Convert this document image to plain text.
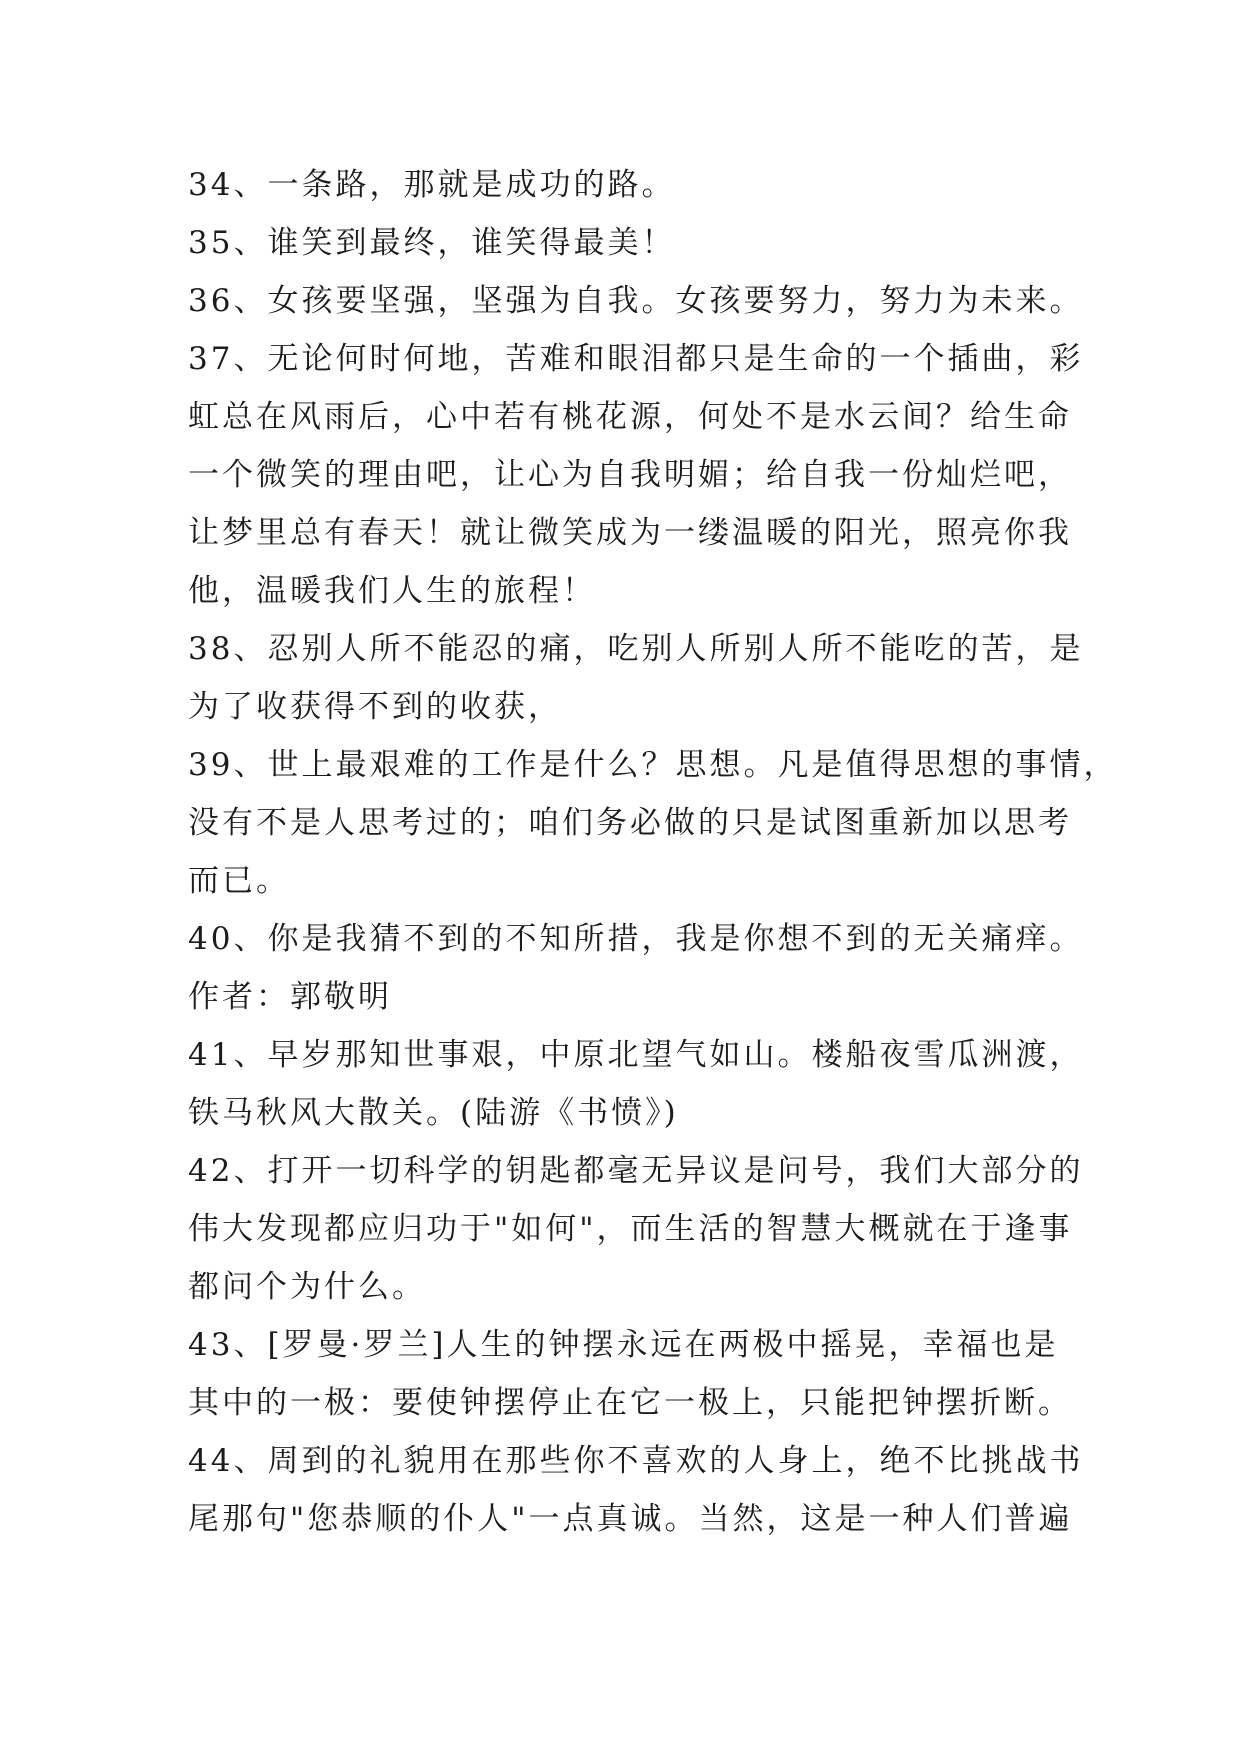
34、一条路，那就是成功的路。
35、谁笑到最终，谁笑得最美！
36、女孩要坚强，坚强为自我。女孩要努力，努力为未来。
37、无论何时何地，苦难和眼泪都只是生命的一个插曲，彩
虹总在风雨后，心中若有桃花源，何处不是水云间？给生命
一个微笑的理由吧，让心为自我明媚；给自我一份灿烂吧，
让梦里总有春天！就让微笑成为一缕温暖的阳光，照亮你我
他，温暖我们人生的旅程！
38、忍别人所不能忍的痛，吃别人所别人所不能吃的苦，是
为了收获得不到的收获，
39、世上最艰难的工作是什么？思想。凡是值得思想的事情，
没有不是人思考过的；咱们务必做的只是试图重新加以思考
而已。
40、你是我猜不到的不知所措，我是你想不到的无关痛痒。
作者：郭敬明
41、早岁那知世事艰，中原北望气如山。楼船夜雪瓜洲渡，
铁马秋风大散关。(陆游《书愤》)
42、打开一切科学的钥匙都毫无异议是问号，我们大部分的
伟大发现都应归功于"如何"，而生活的智慧大概就在于逢事
都问个为什么。
43、[罗曼·罗兰]人生的钟摆永远在两极中摇晃，幸福也是
其中的一极：要使钟摆停止在它一极上，只能把钟摆折断。
44、周到的礼貌用在那些你不喜欢的人身上，绝不比挑战书
尾那句"您恭顺的仆人"一点真诚。当然，这是一种人们普遍
